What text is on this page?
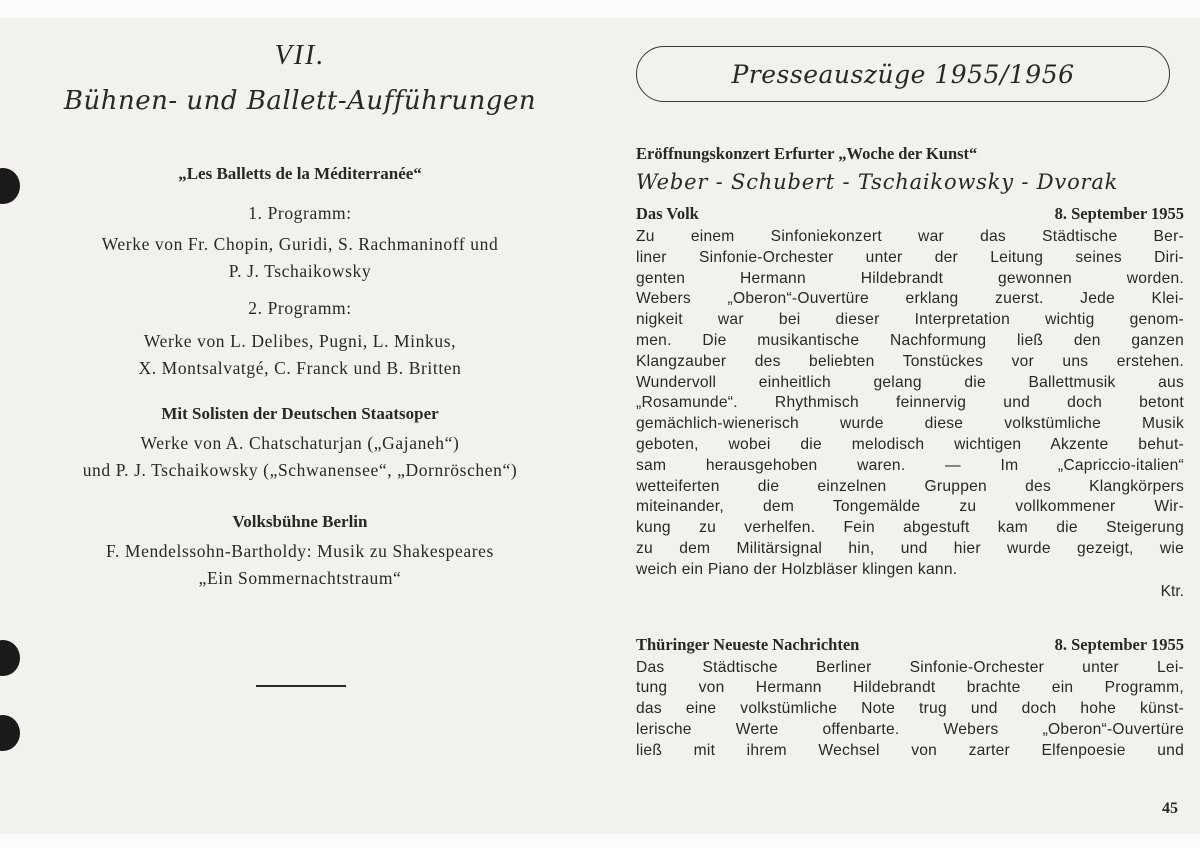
VII.

Bühnen- und Ballett-Aufführungen

„Les Balletts de la Méditerranée“

1. Programm:

Werke von Fr. Chopin, Guridi, S. Rachmaninoff und

P. J. Tschaikowsky

2. Programm:

Werke von L. Delibes, Pugni, L. Minkus,

X. Montsalvatgé, C. Franck und B. Britten

Mit Solisten der Deutschen Staatsoper

Werke von A. Chatschaturjan („Gajaneh“)

und P. J. Tschaikowsky („Schwanensee“, „Dornröschen“)

Volksbühne Berlin

F. Mendelssohn-Bartholdy: Musik zu Shakespeares

„Ein Sommernachtstraum“

Presseauszüge 1955/1956
Eröffnungskonzert Erfurter „Woche der Kunst“
Weber - Schubert - Tschaikowsky - Dvorak
Das Volk	8. September 1955
Zu einem Sinfoniekonzert war das Städtische Ber-
liner Sinfonie-Orchester unter der Leitung seines Diri-
genten Hermann Hildebrandt gewonnen worden.
Webers „Oberon“-Ouvertüre erklang zuerst. Jede Klei-
nigkeit war bei dieser Interpretation wichtig genom-
men. Die musikantische Nachformung ließ den ganzen
Klangzauber des beliebten Tonstückes vor uns erstehen.
Wundervoll einheitlich gelang die Ballettmusik aus
„Rosamunde“. Rhythmisch feinnervig und doch betont
gemächlich-wienerisch wurde diese volkstümliche Musik
geboten, wobei die melodisch wichtigen Akzente behut-
sam herausgehoben waren. — Im „Capriccio-italien“
wetteiferten die einzelnen Gruppen des Klangkörpers
miteinander, dem Tongemälde zu vollkommener Wir-
kung zu verhelfen. Fein abgestuft kam die Steigerung
zu dem Militärsignal hin, und hier wurde gezeigt, wie
weich ein Piano der Holzbläser klingen kann.
Ktr.
Thüringer Neueste Nachrichten	8. September 1955
Das Städtische Berliner Sinfonie-Orchester unter Lei-
tung von Hermann Hildebrandt brachte ein Programm,
das eine volkstümliche Note trug und doch hohe künst-
lerische Werte offenbarte. Webers „Oberon“-Ouvertüre
ließ mit ihrem Wechsel von zarter Elfenpoesie und
45
